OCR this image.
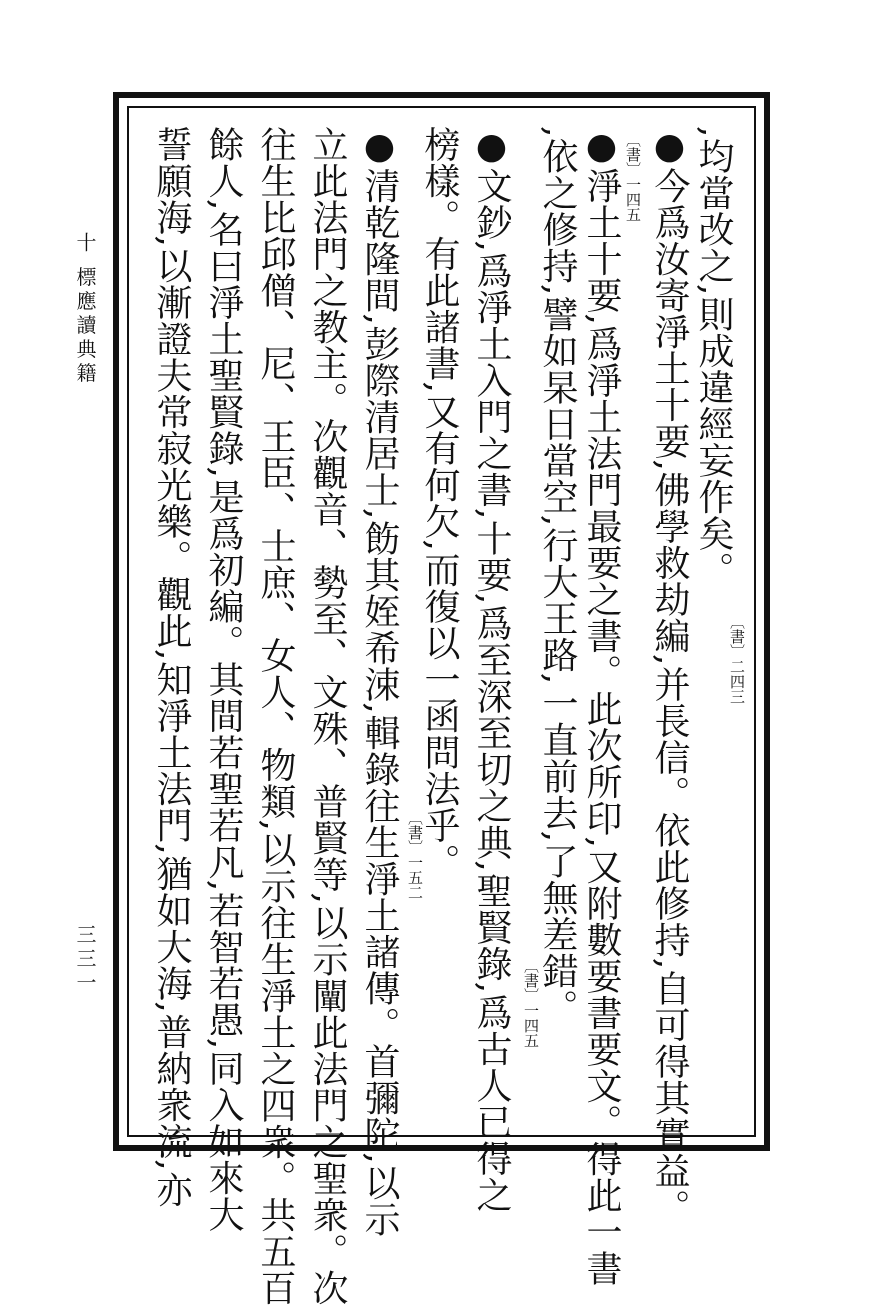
,均當改之,則成違經妄作矣。
〔書〕二四三
●今爲汝寄淨土十要,佛學救劫編,并長信。依此修持,自可得其實益。
〔書〕一四五
●淨土十要,爲淨土法門最要之書。此次所印,又附數要書要文。得此一書
,依之修持,譬如杲日當空,行大王路,一直前去,了無差錯。
〔書〕一四五
●文鈔,爲淨土入門之書,十要,爲至深至切之典,聖賢錄,爲古人已得之
榜樣。有此諸書,又有何欠,而復以一函問法乎。
〔書〕一五二
●清乾隆間,彭際清居士,飭其姪希涑,輯錄往生淨土諸傳。首彌陀,以示
立此法門之教主。次觀音、勢至、文殊、普賢等,以示闡此法門之聖衆。次
往生比邱僧、尼、王臣、士庶、女人、物類,以示往生淨土之四衆。共五百
餘人,名曰淨土聖賢錄,是爲初編。其間若聖若凡,若智若愚,同入如來大
誓願海,以漸證夫常寂光樂。觀此,知淨土法門,猶如大海,普納衆流,亦
十 標應讀典籍
三三一
